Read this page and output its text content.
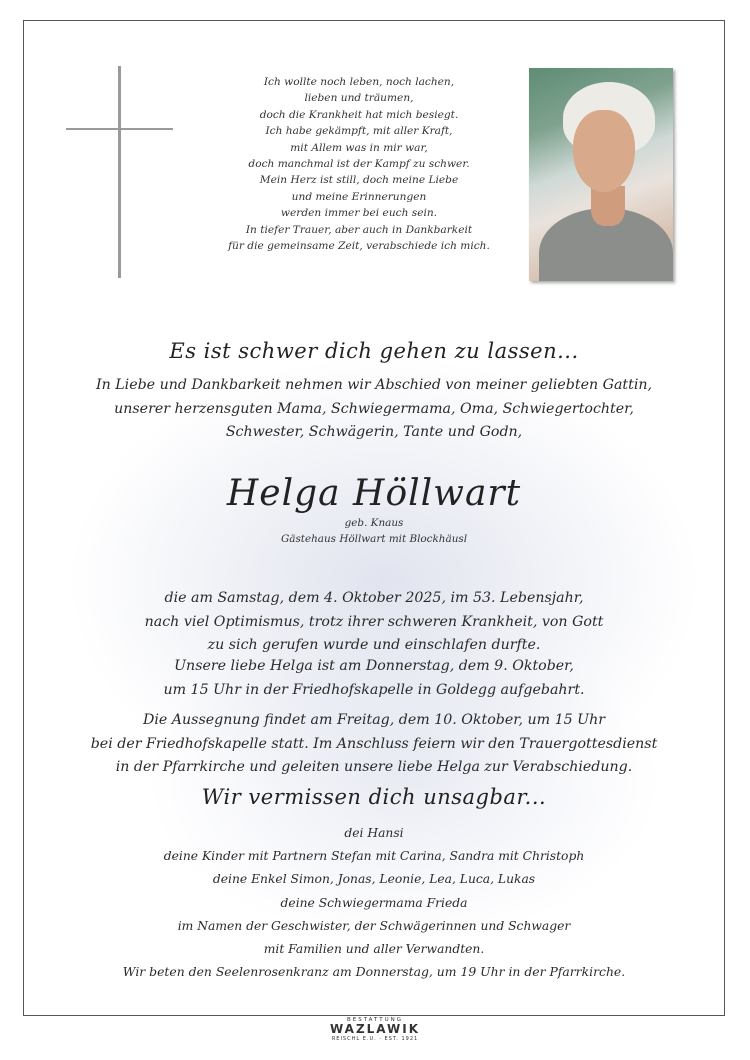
Ich wollte noch leben, noch lachen,
lieben und träumen,
doch die Krankheit hat mich besiegt.
Ich habe gekämpft, mit aller Kraft,
mit Allem was in mir war,
doch manchmal ist der Kampf zu schwer.
Mein Herz ist still, doch meine Liebe
und meine Erinnerungen
werden immer bei euch sein.
In tiefer Trauer, aber auch in Dankbarkeit
für die gemeinsame Zeit, verabschiede ich mich.
Es ist schwer dich gehen zu lassen...
In Liebe und Dankbarkeit nehmen wir Abschied von meiner geliebten Gattin,
unserer herzensguten Mama, Schwiegermama, Oma, Schwiegertochter,
Schwester, Schwägerin, Tante und Godn,
Helga Höllwart
geb. Knaus
Gästehaus Höllwart mit Blockhäusl
die am Samstag, dem 4. Oktober 2025, im 53. Lebensjahr,
nach viel Optimismus, trotz ihrer schweren Krankheit, von Gott
zu sich gerufen wurde und einschlafen durfte.
Unsere liebe Helga ist am Donnerstag, dem 9. Oktober,
um 15 Uhr in der Friedhofskapelle in Goldegg aufgebahrt.
Die Aussegnung findet am Freitag, dem 10. Oktober, um 15 Uhr
bei der Friedhofskapelle statt. Im Anschluss feiern wir den Trauergottesdienst
in der Pfarrkirche und geleiten unsere liebe Helga zur Verabschiedung.
Wir vermissen dich unsagbar...
dei Hansi
deine Kinder mit Partnern Stefan mit Carina, Sandra mit Christoph
deine Enkel Simon, Jonas, Leonie, Lea, Luca, Lukas
deine Schwiegermama Frieda
im Namen der Geschwister, der Schwägerinnen und Schwager
mit Familien und aller Verwandten.
Wir beten den Seelenrosenkranz am Donnerstag, um 19 Uhr in der Pfarrkirche.
BESTATTUNG
WAZLAWIK
REISCHL E.U. · EST. 1921
